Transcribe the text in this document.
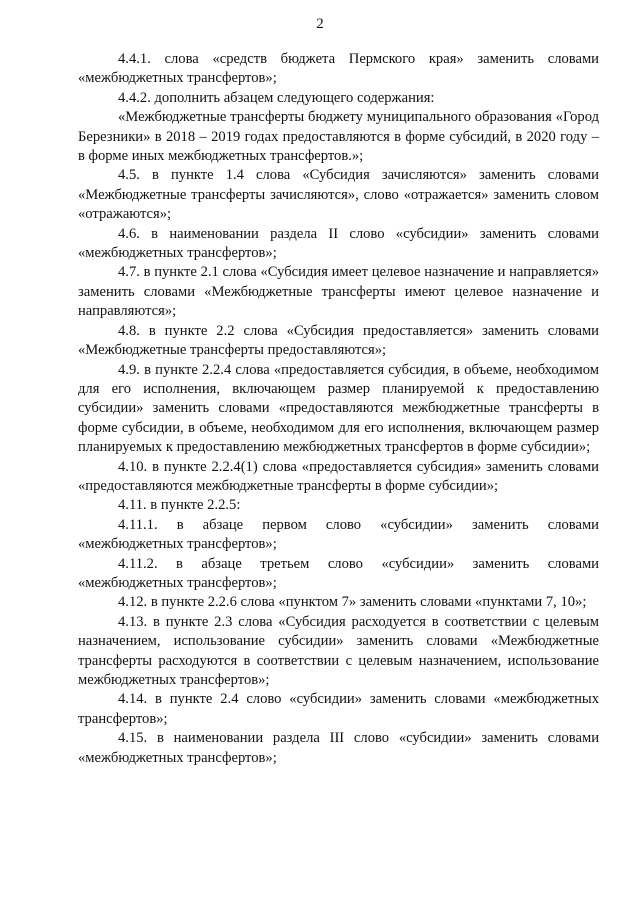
2

4.4.1. слова «средств бюджета Пермского края» заменить словами «межбюджетных трансфертов»;

4.4.2. дополнить абзацем следующего содержания:

«Межбюджетные трансферты бюджету муниципального образования «Город Березники» в 2018 – 2019 годах предоставляются в форме субсидий, в 2020 году – в форме иных межбюджетных трансфертов.»;

4.5. в пункте 1.4 слова «Субсидия зачисляются» заменить словами «Межбюджетные трансферты зачисляются», слово «отражается» заменить словом «отражаются»;

4.6. в наименовании раздела II слово «субсидии» заменить словами «межбюджетных трансфертов»;

4.7. в пункте 2.1 слова «Субсидия имеет целевое назначение и направляется» заменить словами «Межбюджетные трансферты имеют целевое назначение и направляются»;

4.8. в пункте 2.2 слова «Субсидия предоставляется» заменить словами «Межбюджетные трансферты предоставляются»;

4.9. в пункте 2.2.4 слова «предоставляется субсидия, в объеме, необходимом для его исполнения, включающем размер планируемой к предоставлению субсидии» заменить словами «предоставляются межбюджетные трансферты в форме субсидии, в объеме, необходимом для его исполнения, включающем размер планируемых к предоставлению межбюджетных трансфертов в форме субсидии»;

4.10. в пункте 2.2.4(1) слова «предоставляется субсидия» заменить словами «предоставляются межбюджетные трансферты в форме субсидии»;

4.11. в пункте 2.2.5:

4.11.1. в абзаце первом слово «субсидии» заменить словами «межбюджетных трансфертов»;

4.11.2. в абзаце третьем слово «субсидии» заменить словами «межбюджетных трансфертов»;

4.12. в пункте 2.2.6 слова «пунктом 7» заменить словами «пунктами 7, 10»;

4.13. в пункте 2.3 слова «Субсидия расходуется в соответствии с целевым назначением, использование субсидии» заменить словами «Межбюджетные трансферты расходуются в соответствии с целевым назначением, использование межбюджетных трансфертов»;

4.14. в пункте 2.4 слово «субсидии» заменить словами «межбюджетных трансфертов»;

4.15. в наименовании раздела III слово «субсидии» заменить словами «межбюджетных трансфертов»;
